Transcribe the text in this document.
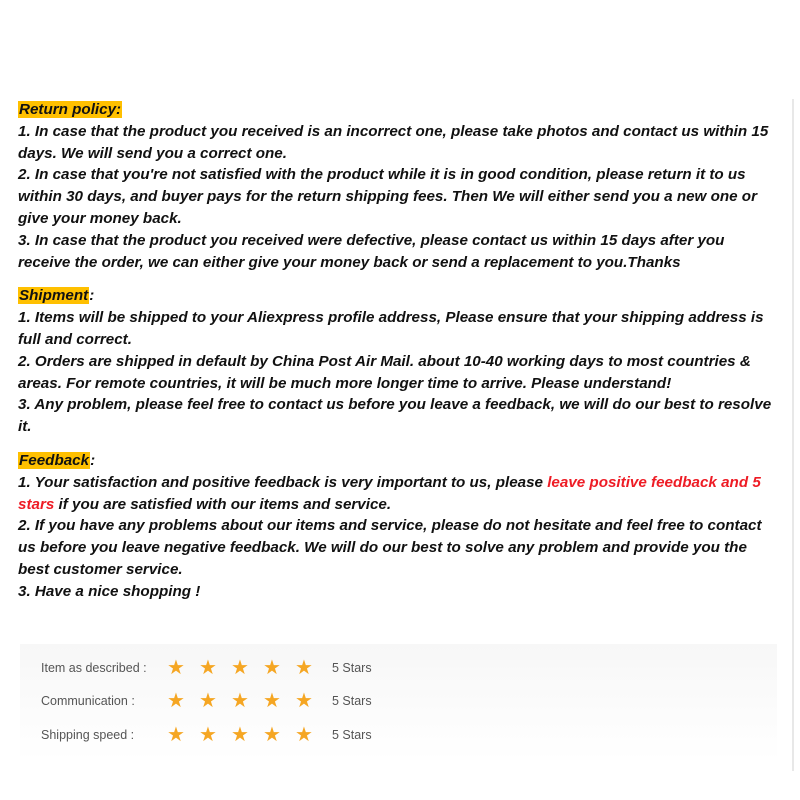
Return policy:

1. In case that the product you received is an incorrect one, please take photos and contact us within 15 days. We will send you a correct one.

2. In case that you're not satisfied with the product while it is in good condition, please return it to us within 30 days, and buyer pays for the return shipping fees. Then We will either send you a new one or give your money back.

3. In case that the product you received were defective, please contact us within 15 days after you receive the order, we can either give your money back or send a replacement to you.Thanks

Shipment:

1. Items will be shipped to your Aliexpress profile address, Please ensure that your shipping address is full and correct.

2. Orders are shipped in default by China Post Air Mail. about 10-40 working days to most countries & areas. For remote countries, it will be much more longer time to arrive. Please understand!

3. Any problem, please feel free to contact us before you leave a feedback, we will do our best to resolve it.

Feedback:

1. Your satisfaction and positive feedback is very important to us, please leave positive feedback and 5 stars if you are satisfied with our items and service.

2. If you have any problems about our items and service, please do not hesitate and feel free to contact us before you leave negative feedback. We will do our best to solve any problem and provide you the best customer service.

3. Have a nice shopping !

Item as described :	★ ★ ★ ★ ★	5 Stars
Communication :	★ ★ ★ ★ ★	5 Stars
Shipping speed :	★ ★ ★ ★ ★	5 Stars
